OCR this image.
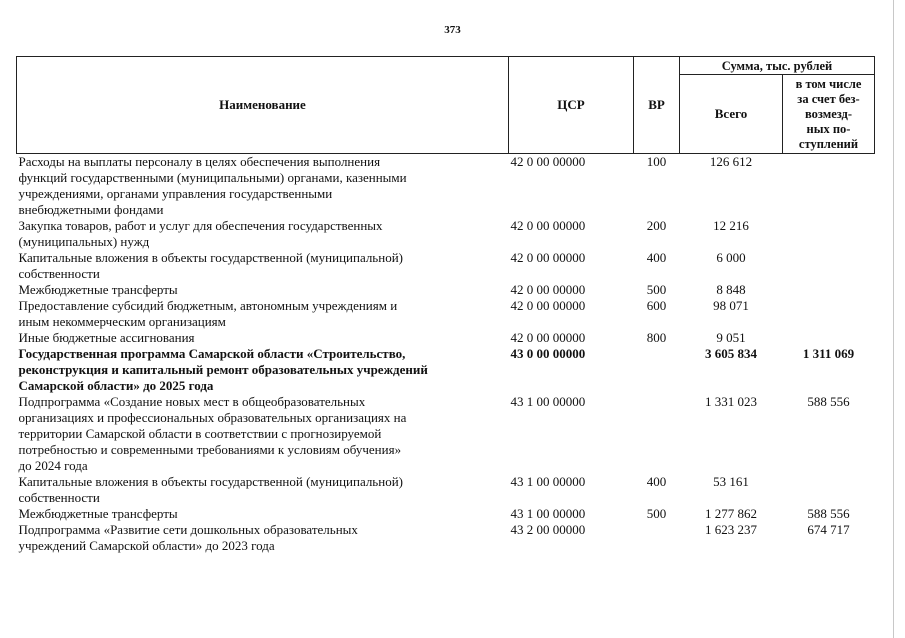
373
Наименование	ЦСР	ВР	Сумма, тыс. рублей	
			Всего	в том числе
за счет без-
возмезд-
ных по-
ступлений

Расходы на выплаты персоналу в целях обеспечения выполнения
функций государственными (муниципальными) органами, казенными
учреждениями, органами управления государственными
внебюджетными фондами	42 0 00 00000	100	126 612	

Закупка товаров, работ и услуг для обеспечения государственных
(муниципальных) нужд	42 0 00 00000	200	12 216	

Капитальные вложения в объекты государственной (муниципальной)
собственности	42 0 00 00000	400	6 000	

Межбюджетные трансферты	42 0 00 00000	500	8 848	

Предоставление субсидий бюджетным, автономным учреждениям и
иным некоммерческим организациям	42 0 00 00000	600	98 071	

Иные бюджетные ассигнования	42 0 00 00000	800	9 051	

Государственная программа Самарской области «Строительство,
реконструкция и капитальный ремонт образовательных учреждений
Самарской области» до 2025 года	43 0 00 00000		3 605 834	1 311 069

Подпрограмма «Создание новых мест в общеобразовательных
организациях и профессиональных образовательных организациях на
территории Самарской области в соответствии с прогнозируемой
потребностью и современными требованиями к условиям обучения»
до 2024 года	43 1 00 00000		1 331 023	588 556

Капитальные вложения в объекты государственной (муниципальной)
собственности	43 1 00 00000	400	53 161	

Межбюджетные трансферты	43 1 00 00000	500	1 277 862	588 556

Подпрограмма «Развитие сети дошкольных образовательных
учреждений Самарской области» до 2023 года	43 2 00 00000		1 623 237	674 717
